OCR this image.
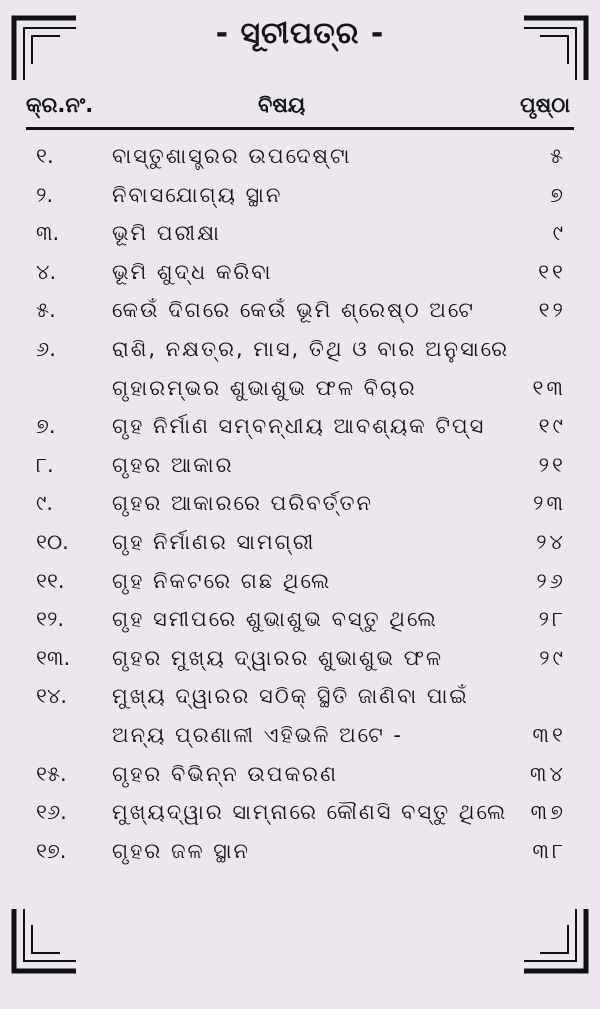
- ସୂଚୀପତ୍ର -
କ୍ର.ନଂ.	ବିଷୟ	ପୃଷ୍ଠା
୧.	ବାସ୍ତୁଶାସ୍ତ୍ରର ଉପଦେଷ୍ଟା	୫
୨.	ନିବାସଯୋଗ୍ୟ ସ୍ଥାନ	୭
୩.	ଭୂମି ପରୀକ୍ଷା	୯
୪.	ଭୂମି ଶୁଦ୍ଧ କରିବା	୧୧
୫.	କେଉଁ ଦିଗରେ କେଉଁ ଭୂମି ଶ୍ରେଷ୍ଠ ଅଟେ	୧୨
୬.	ରାଶି, ନକ୍ଷତ୍ର, ମାସ, ତିଥି ଓ ବାର ଅନୁସାରେ
ଗୃହାରମ୍ଭର ଶୁଭାଶୁଭ ଫଳ ବିଚାର	୧୩
୭.	ଗୃହ ନିର୍ମାଣ ସମ୍ବନ୍ଧୀୟ ଆବଶ୍ୟକ ଟିପ୍‌ସ	୧୯
୮.	ଗୃହର ଆକାର	୨୧
୯.	ଗୃହର ଆକାରରେ ପରିବର୍ତ୍ତନ	୨୩
୧୦. ଗୃହ ନିର୍ମାଣର ସାମଗ୍ରୀ	୨୪
୧୧. ଗୃହ ନିକଟରେ ଗଛ ଥିଲେ	୨୬
୧୨. ଗୃହ ସମୀପରେ ଶୁଭାଶୁଭ ବସ୍ତୁ ଥିଲେ	୨୮
୧୩. ଗୃହର ମୁଖ୍ୟ ଦ୍ୱାରର ଶୁଭାଶୁଭ ଫଳ	୨୯
୧୪. ମୁଖ୍ୟ ଦ୍ୱାରର ସଠିକ୍ ସ୍ଥିତି ଜାଣିବା ପାଇଁ
ଅନ୍ୟ ପ୍ରଣାଳୀ ଏହିଭଳି ଅଟେ -	୩୧
୧୫. ଗୃହର ବିଭିନ୍ନ ଉପକରଣ	୩୪
୧୬. ମୁଖ୍ୟଦ୍ୱାର ସାମ୍ନାରେ କୌଣସି ବସ୍ତୁ ଥିଲେ ୩୭
୧୭. ଗୃହର ଜଳ ସ୍ଥାନ	୩୮
